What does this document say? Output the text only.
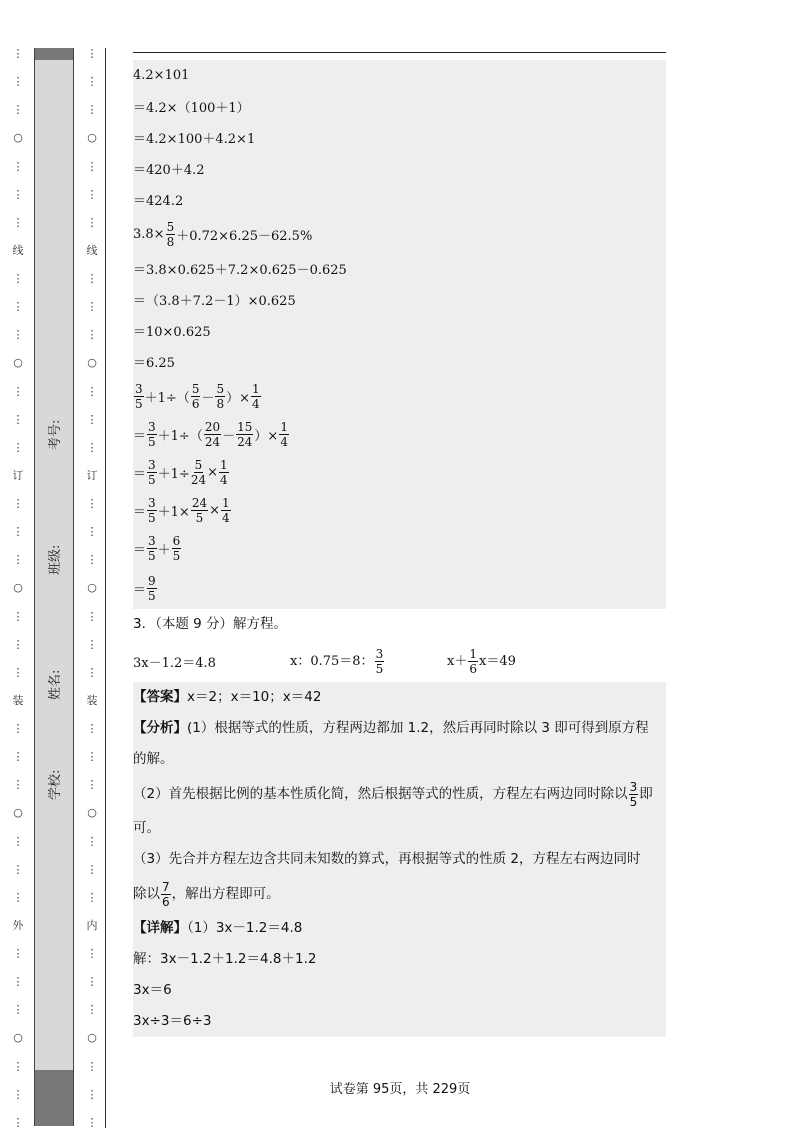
⋮
⋮
⋮
○
⋮
⋮
⋮
线
⋮
⋮
⋮
○
⋮
⋮
⋮
订
⋮
⋮
⋮
○
⋮
⋮
⋮
装
⋮
⋮
⋮
○
⋮
⋮
⋮
外
⋮
⋮
⋮
○
⋮
⋮
⋮
⋮
⋮
⋮
○
⋮
⋮
⋮
线
⋮
⋮
⋮
○
⋮
⋮
⋮
订
⋮
⋮
⋮
○
⋮
⋮
⋮
装
⋮
⋮
⋮
○
⋮
⋮
⋮
内
⋮
⋮
⋮
○
⋮
⋮
⋮
学校:
姓名:
班级:
考号:
4.2×101
＝4.2×（100＋1）
＝4.2×100＋4.2×1
＝420＋4.2
＝424.2
$3.8\times \frac{5}{8} +0.72\times 6.25-62.5\%$
＝3.8×0.625＋7.2×0.625－0.625
＝（3.8＋7.2－1）×0.625
＝10×0.625
＝6.25
$\frac{3}{5} +1\div( \frac{5}{6} - \frac{5}{8}$ ）× $\frac{1}{4}$
＝ $\frac{3}{5} +1\div( \frac{20}{24} - \frac{15}{24}$ ）× $\frac{1}{4}$
＝ $\frac{3}{5} +1\div \frac{5}{24} \times \frac{1}{4}$
＝ $\frac{3}{5} +1\times \frac{24}{5} \times \frac{1}{4}$
＝ $\frac{3}{5} + \frac{6}{5}$
＝ $\frac{9}{5}$
3．（本题 9 分）解方程。
3x－1.2＝4.8	x：0.75＝8： $\frac{3}{5}$	$x+ \frac{1}{6} x=49$
【答案】x＝2；x＝10；x＝42
【分析】(1）根据等式的性质，方程两边都加 1.2，然后再同时除以 3 即可得到原方程
的解。
（2）首先根据比例的基本性质化简，然后根据等式的性质，方程左右两边同时除以 $\frac{3}{5}$ 即
可。
（3）先合并方程左边含共同未知数的算式，再根据等式的性质 2，方程左右两边同时
除以 $\frac{7}{6}$ ，解出方程即可。
【详解】（1）3x－1.2＝4.8
解：3x－1.2＋1.2＝4.8＋1.2
3x＝6
3x÷3＝6÷3
试卷第 95页，共 229页
